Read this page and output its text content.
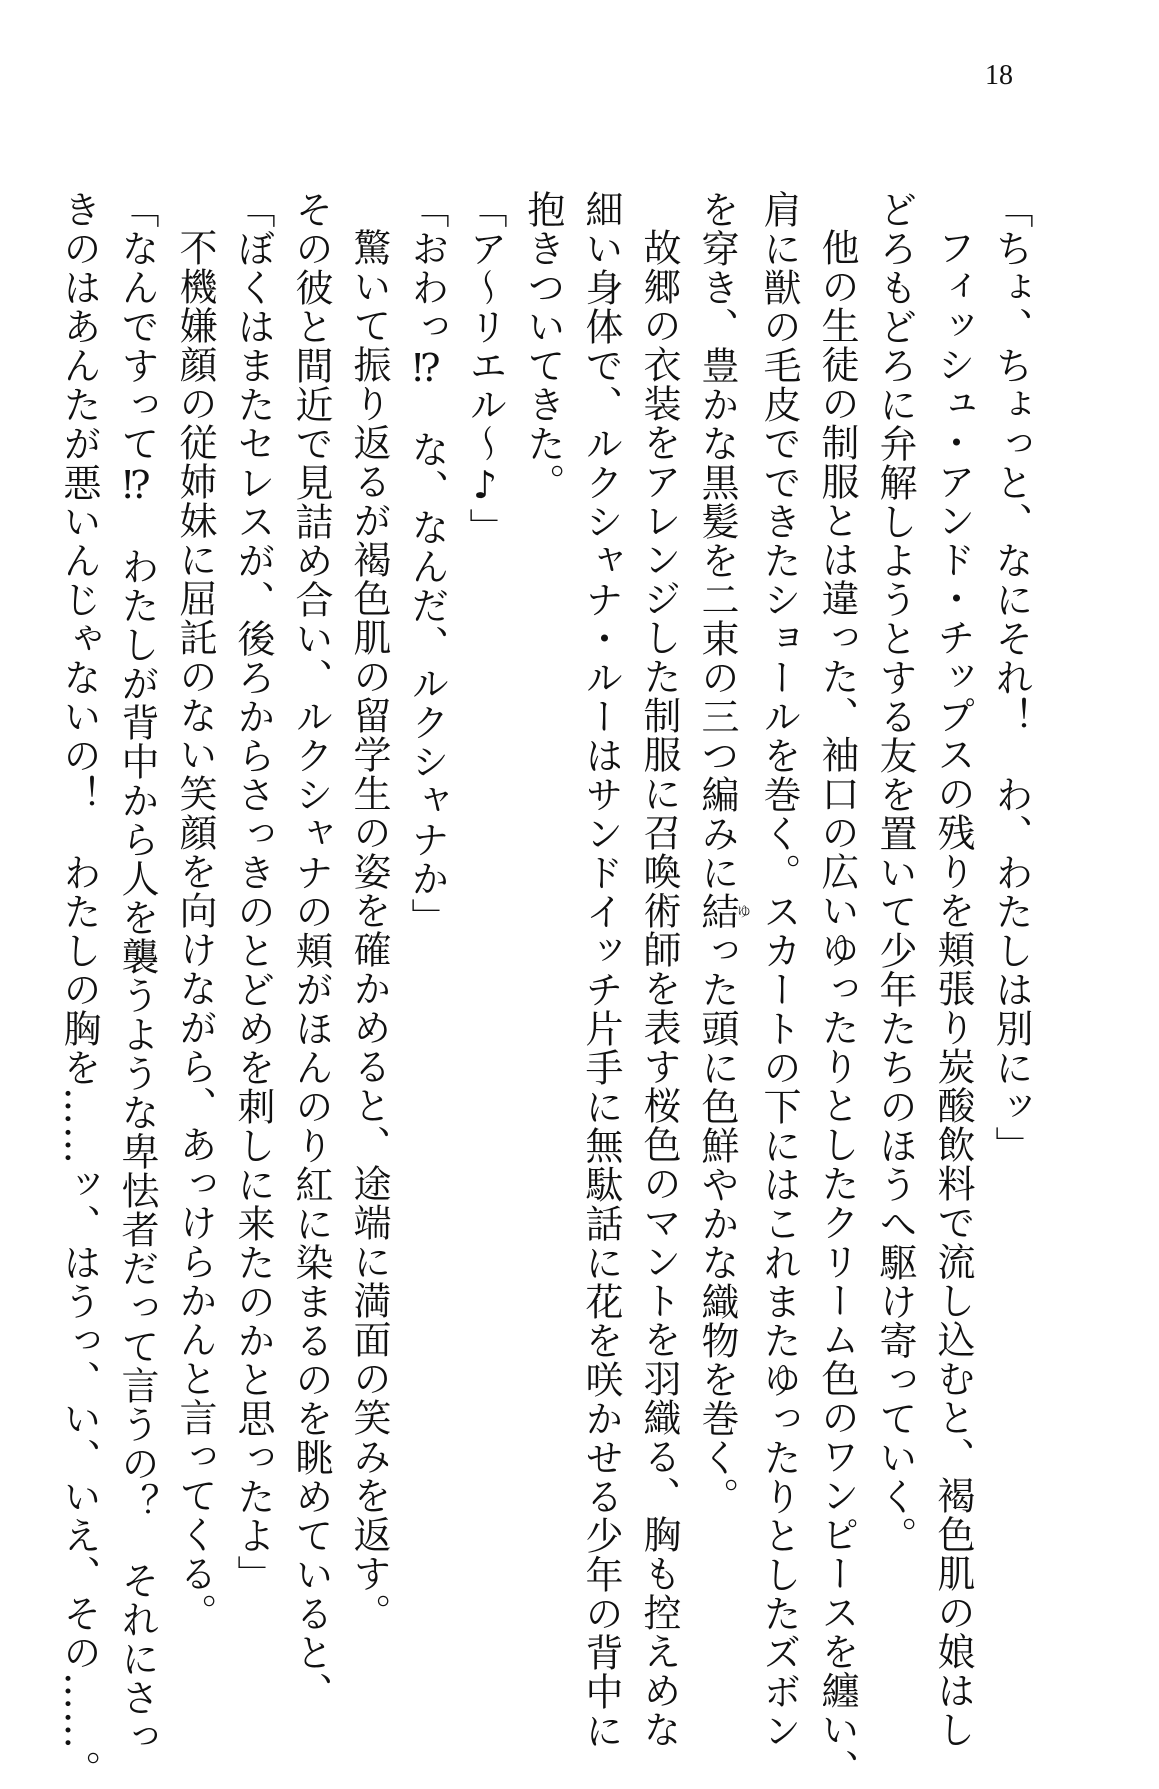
18

「ちょ、ちょっと、なにそれ！　わ、わたしは別にッ」

フィッシュ・アンド・チップスの残りを頬張り炭酸飲料で流し込むと、褐色肌の娘はし

どろもどろに弁解しようとする友を置いて少年たちのほうへ駆け寄っていく。

他の生徒の制服とは違った、袖口の広いゆったりとしたクリーム色のワンピースを纏い、

肩に獣の毛皮でできたショールを巻く。スカートの下にはこれまたゆったりとしたズボン

を穿き、豊かな黒髪を二束の三つ編みに結ゆった頭に色鮮やかな織物を巻く。

故郷の衣装をアレンジした制服に召喚術師を表す桜色のマントを羽織る、胸も控えめな

細い身体で、ルクシャナ・ルーはサンドイッチ片手に無駄話に花を咲かせる少年の背中に

抱きついてきた。

「ア〜リエル〜♪」

「おわっ⁉　な、なんだ、ルクシャナか」

驚いて振り返るが褐色肌の留学生の姿を確かめると、途端に満面の笑みを返す。

その彼と間近で見詰め合い、ルクシャナの頬がほんのり紅に染まるのを眺めていると、

「ぼくはまたセレスが、後ろからさっきのとどめを刺しに来たのかと思ったよ」

不機嫌顔の従姉妹に屈託のない笑顔を向けながら、あっけらかんと言ってくる。

「なんですって⁉　わたしが背中から人を襲うような卑怯者だって言うの？　それにさっ

きのはあんたが悪いんじゃないの！　わたしの胸を……ッ、はうっ、い、いえ、その……。
